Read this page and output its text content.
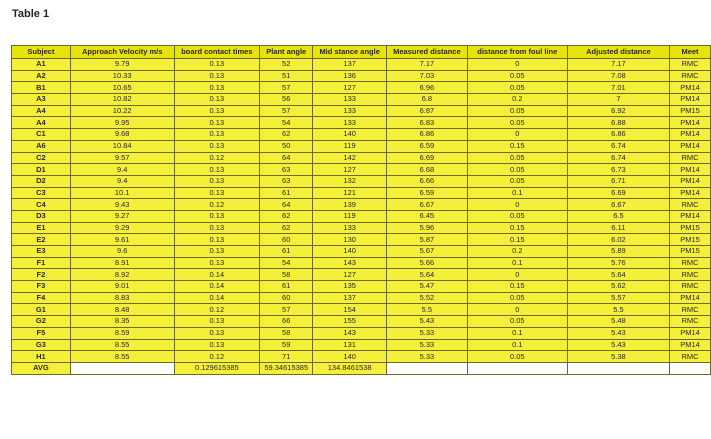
Table 1
Subject	Approach Velocity m/s	board contact times	Plant angle	Mid stance angle	Measured distance	distance from foul line	Adjusted distance	Meet
A1	9.79	0.13	52	137	7.17	0	7.17	RMC
A2	10.33	0.13	51	136	7.03	0.05	7.08	RMC
B1	10.65	0.13	57	127	6.96	0.05	7.01	PM14
A3	10.82	0.13	56	133	6.8	0.2	7	PM14
A4	10.22	0.13	57	133	6.87	0.05	6.92	PM15
A4	9.95	0.13	54	133	6.83	0.05	6.88	PM14
C1	9.68	0.13	62	140	6.86	0	6.86	PM14
A6	10.84	0.13	50	119	6.59	0.15	6.74	PM14
C2	9.57	0.12	64	142	6.69	0.05	6.74	RMC
D1	9.4	0.13	63	127	6.68	0.05	6.73	PM14
D2	9.4	0.13	63	132	6.66	0.05	6.71	PM14
C3	10.1	0.13	61	121	6.59	0.1	6.69	PM14
C4	9.43	0.12	64	139	6.67	0	6.67	RMC
D3	9.27	0.13	62	119	6.45	0.05	6.5	PM14
E1	9.29	0.13	62	133	5.96	0.15	6.11	PM15
E2	9.61	0.13	60	130	5.87	0.15	6.02	PM15
E3	9.6	0.13	61	140	5.67	0.2	5.89	PM15
F1	8.91	0.13	54	143	5.66	0.1	5.76	RMC
F2	8.92	0.14	58	127	5.64	0	5.64	RMC
F3	9.01	0.14	61	135	5.47	0.15	5.62	RMC
F4	8.83	0.14	60	137	5.52	0.05	5.57	PM14
G1	8.48	0.12	57	154	5.5	0	5.5	RMC
G2	8.35	0.13	66	155	5.43	0.05	5.48	RMC
F5	8.59	0.13	58	143	5.33	0.1	5.43	PM14
G3	8.55	0.13	59	131	5.33	0.1	5.43	PM14
H1	8.55	0.12	71	140	5.33	0.05	5.38	RMC
AVG		0.129615385	59.34615385	134.8461538				
